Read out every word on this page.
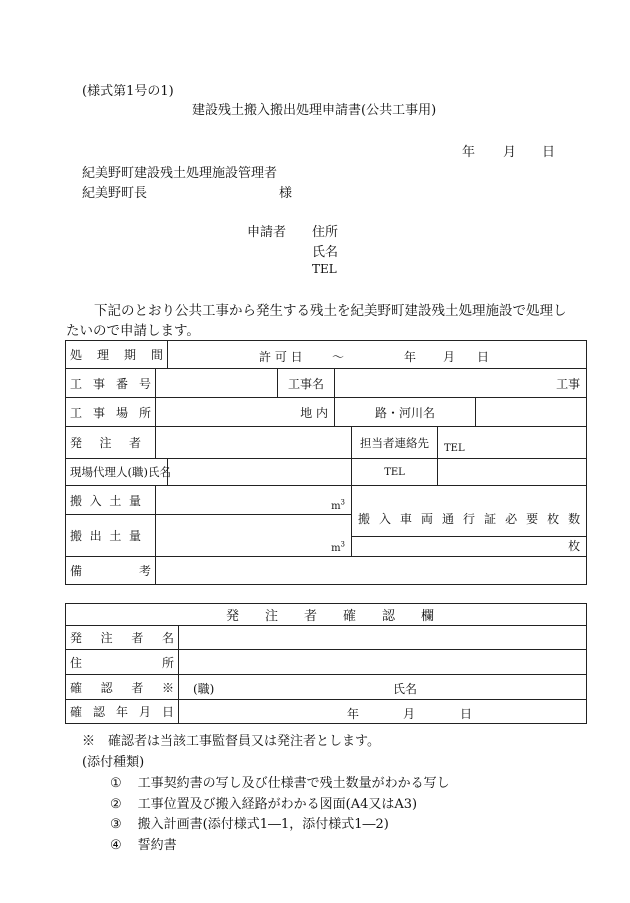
(様式第1号の1)
建設残土搬入搬出処理申請書(公共工事用)
年 月 日
紀美野町建設残土処理施設管理者
紀美野町長	様
申請者 住所
氏名
TEL
下記のとおり公共工事から発生する残土を紀美野町建設残土処理施設で処理し
たいので申請します。
処理期間		許 可 日 ～ 年 月 日					

工事番号			工事名	工事			
工事場所	地 内			路・河川名			
発注者					担当者連絡先	$_{TEL}$
現場代理人(職)氏名					TEL		
搬入土量	$m^3$				搬入車両通行証必要枚数		

搬出土量	$m^3$				枚		

備考							
発注者確認欄	
発注者名	
住所	
確認者※	(職) 氏名

確認年月日	年 月 日
※　確認者は当該工事監督員又は発注者とします。
(添付種類)
① 工事契約書の写し及び仕様書で残土数量がわかる写し
② 工事位置及び搬入経路がわかる図面(A4又はA3)
③ 搬入計画書(添付様式1―1，添付様式1―2)
④ 誓約書
